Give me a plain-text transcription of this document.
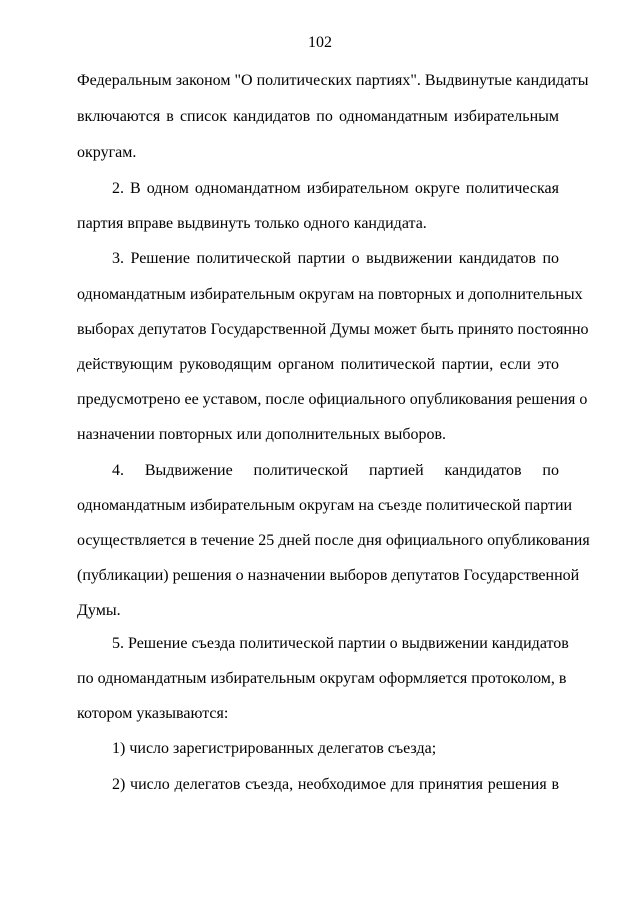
102
Федеральным законом "О политических партиях". Выдвинутые кандидаты
включаются в список кандидатов по одномандатным избирательным
округам.
2. В одном одномандатном избирательном округе политическая
партия вправе выдвинуть только одного кандидата.
3. Решение политической партии о выдвижении кандидатов по
одномандатным избирательным округам на повторных и дополнительных
выборах депутатов Государственной Думы может быть принято постоянно
действующим руководящим органом политической партии, если это
предусмотрено ее уставом, после официального опубликования решения о
назначении повторных или дополнительных выборов.
4. Выдвижение политической партией кандидатов по
одномандатным избирательным округам на съезде политической партии
осуществляется в течение 25 дней после дня официального опубликования
(публикации) решения о назначении выборов депутатов Государственной
Думы.
5. Решение съезда политической партии о выдвижении кандидатов
по одномандатным избирательным округам оформляется протоколом, в
котором указываются:
1) число зарегистрированных делегатов съезда;
2) число делегатов съезда, необходимое для принятия решения в
